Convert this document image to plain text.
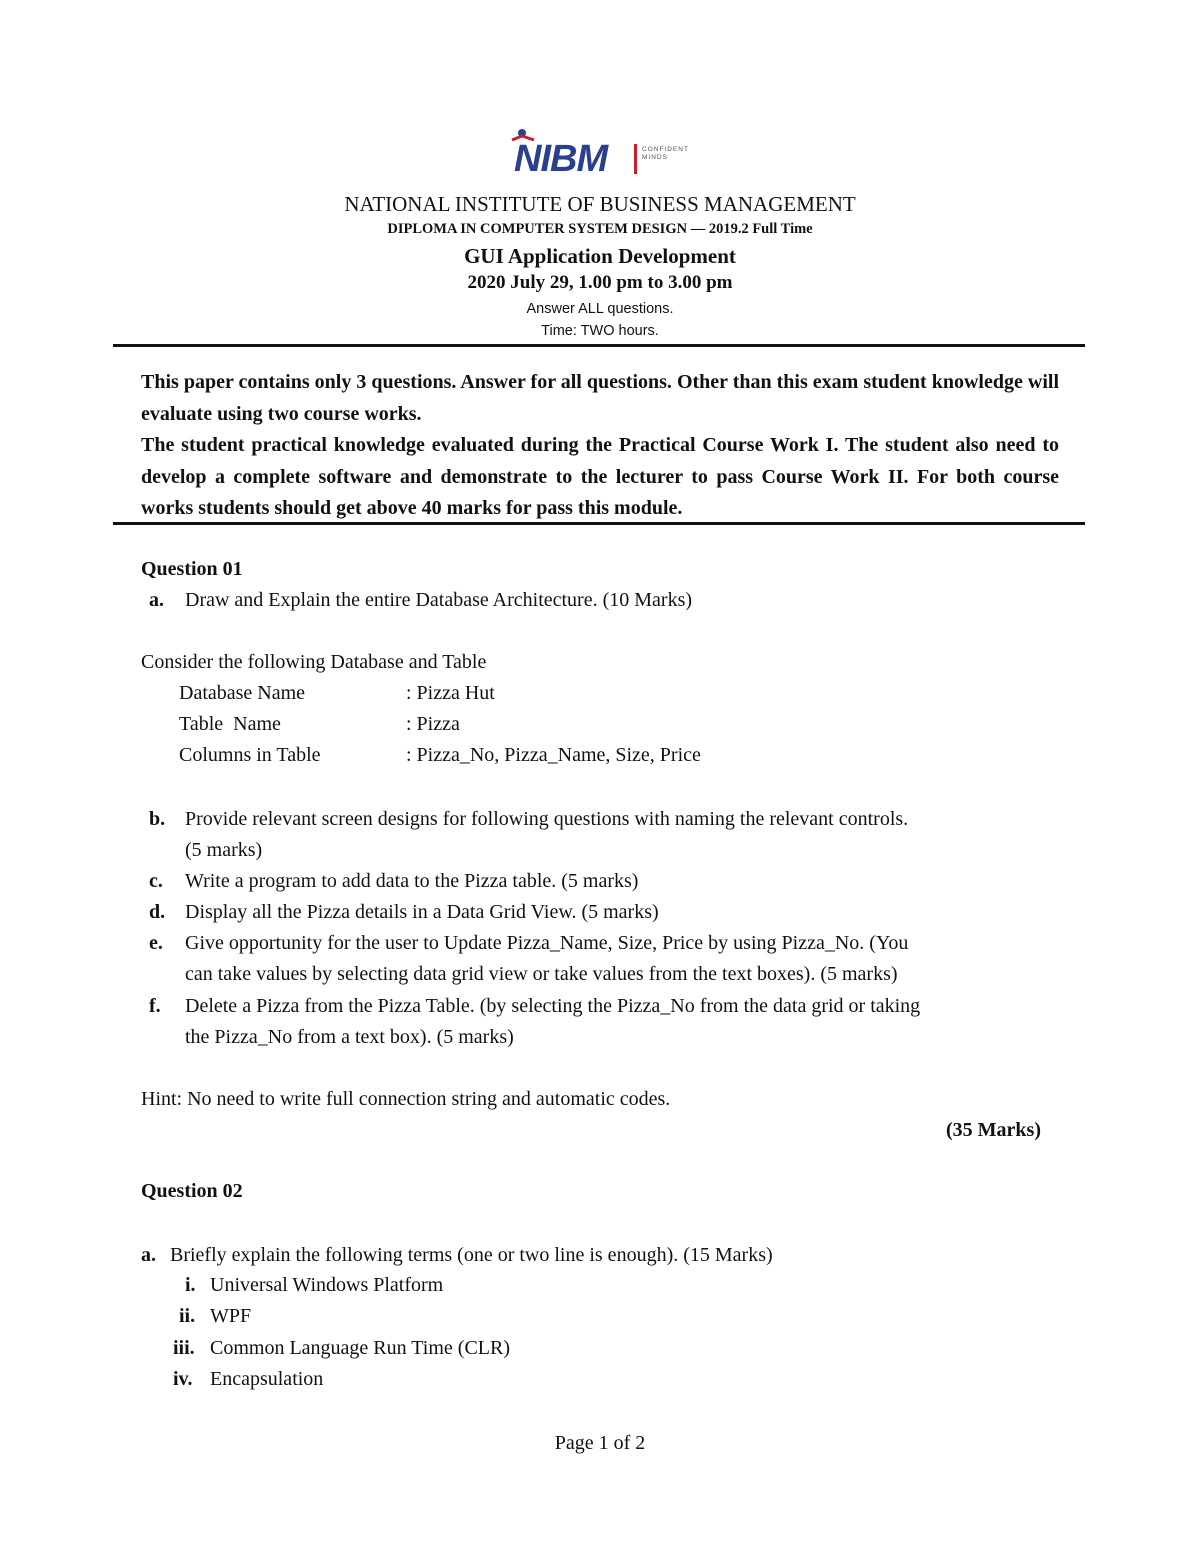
NIBM	CONFIDENT MINDS
NATIONAL INSTITUTE OF BUSINESS MANAGEMENT
DIPLOMA IN COMPUTER SYSTEM DESIGN — 2019.2 Full Time
GUI Application Development
2020 July 29, 1.00 pm to 3.00 pm
Answer ALL questions.
Time: TWO hours.

This paper contains only 3 questions. Answer for all questions. Other than this exam student knowledge will evaluate using two course works.

The student practical knowledge evaluated during the Practical Course Work I. The student also need to develop a complete software and demonstrate to the lecturer to pass Course Work II. For both course works students should get above 40 marks for pass this module.

Question 01
a. Draw and Explain the entire Database Architecture. (10 Marks)
Consider the following Database and Table
Database Name	: Pizza Hut
Table  Name	: Pizza
Columns in Table	: Pizza_No, Pizza_Name, Size, Price
b. Provide relevant screen designs for following questions with naming the relevant controls.
(5 marks)
c. Write a program to add data to the Pizza table. (5 marks)
d. Display all the Pizza details in a Data Grid View. (5 marks)
e. Give opportunity for the user to Update Pizza_Name, Size, Price by using Pizza_No. (You
can take values by selecting data grid view or take values from the text boxes). (5 marks)
f. Delete a Pizza from the Pizza Table. (by selecting the Pizza_No from the data grid or taking
the Pizza_No from a text box). (5 marks)
Hint: No need to write full connection string and automatic codes.
(35 Marks)
Question 02
a. Briefly explain the following terms (one or two line is enough). (15 Marks)
i. Universal Windows Platform
ii. WPF
iii. Common Language Run Time (CLR)
iv. Encapsulation
Page 1 of 2
